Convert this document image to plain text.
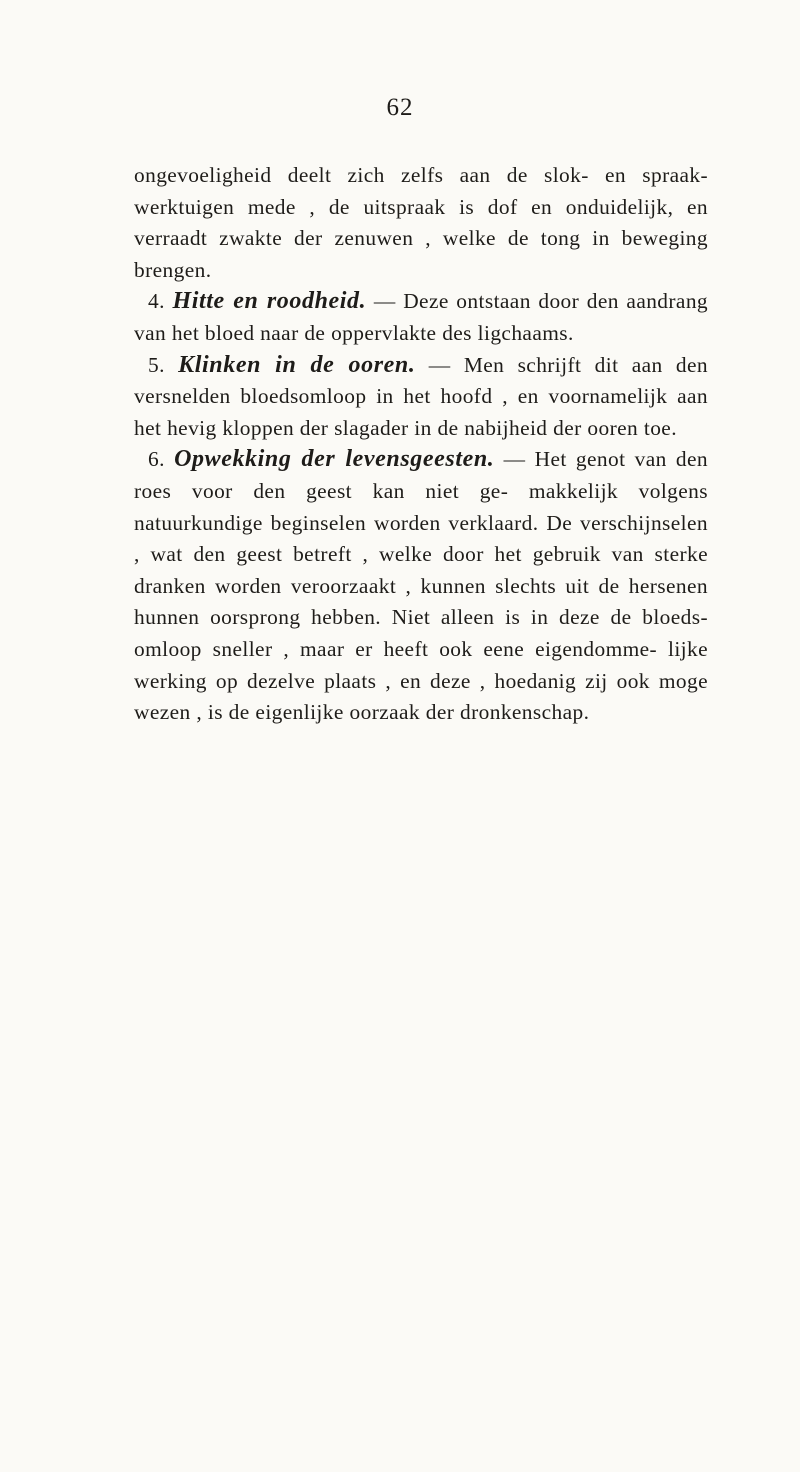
62

ongevoeligheid deelt zich zelfs aan de slok- en spraak- werktuigen mede , de uitspraak is dof en onduidelijk, en verraadt zwakte der zenuwen , welke de tong in beweging brengen.

4. Hitte en roodheid. — Deze ontstaan door den aandrang van het bloed naar de oppervlakte des ligchaams.

5. Klinken in de ooren. — Men schrijft dit aan den versnelden bloedsomloop in het hoofd , en voornamelijk aan het hevig kloppen der slagader in de nabijheid der ooren toe.

6. Opwekking der levensgeesten. — Het genot van den roes voor den geest kan niet ge- makkelijk volgens natuurkundige beginselen worden verklaard. De verschijnselen , wat den geest betreft , welke door het gebruik van sterke dranken worden veroorzaakt , kunnen slechts uit de hersenen hunnen oorsprong hebben. Niet alleen is in deze de bloeds- omloop sneller , maar er heeft ook eene eigendomme- lijke werking op dezelve plaats , en deze , hoedanig zij ook moge wezen , is de eigenlijke oorzaak der dronkenschap.
